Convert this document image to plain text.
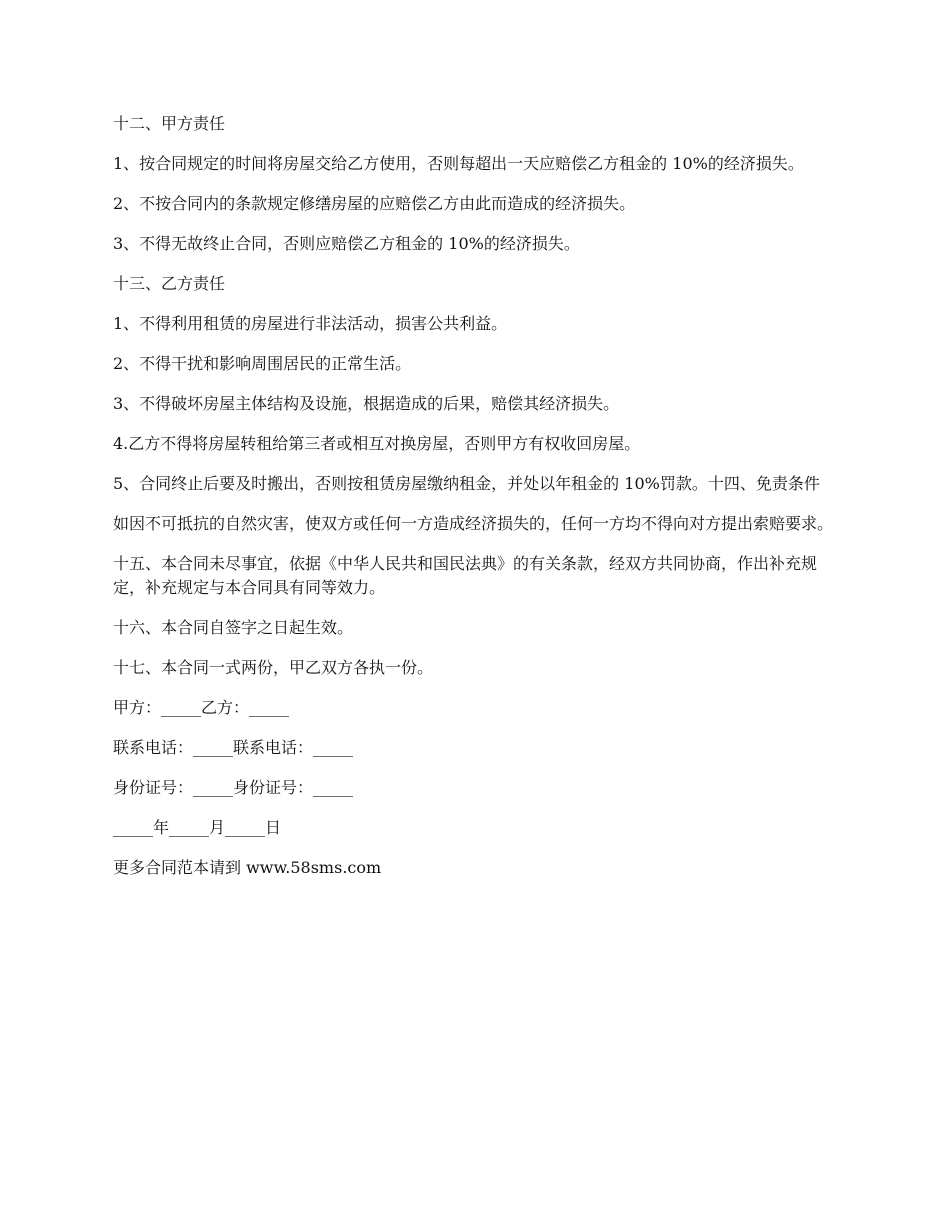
十二、甲方责任

1、按合同规定的时间将房屋交给乙方使用，否则每超出一天应赔偿乙方租金的 10%的经济损失。

2、不按合同内的条款规定修缮房屋的应赔偿乙方由此而造成的经济损失。

3、不得无故终止合同，否则应赔偿乙方租金的 10%的经济损失。

十三、乙方责任

1、不得利用租赁的房屋进行非法活动，损害公共利益。

2、不得干扰和影响周围居民的正常生活。

3、不得破坏房屋主体结构及设施，根据造成的后果，赔偿其经济损失。

4.乙方不得将房屋转租给第三者或相互对换房屋，否则甲方有权收回房屋。

5、合同终止后要及时搬出，否则按租赁房屋缴纳租金，并处以年租金的 10%罚款。十四、免责条件

如因不可抵抗的自然灾害，使双方或任何一方造成经济损失的，任何一方均不得向对方提出索赔要求。

十五、本合同未尽事宜，依据《中华人民共和国民法典》的有关条款，经双方共同协商，作出补充规定，补充规定与本合同具有同等效力。

十六、本合同自签字之日起生效。

十七、本合同一式两份，甲乙双方各执一份。

甲方：_____乙方：_____

联系电话：_____联系电话：_____

身份证号：_____身份证号：_____

_____年_____月_____日

更多合同范本请到 www.58sms.com
